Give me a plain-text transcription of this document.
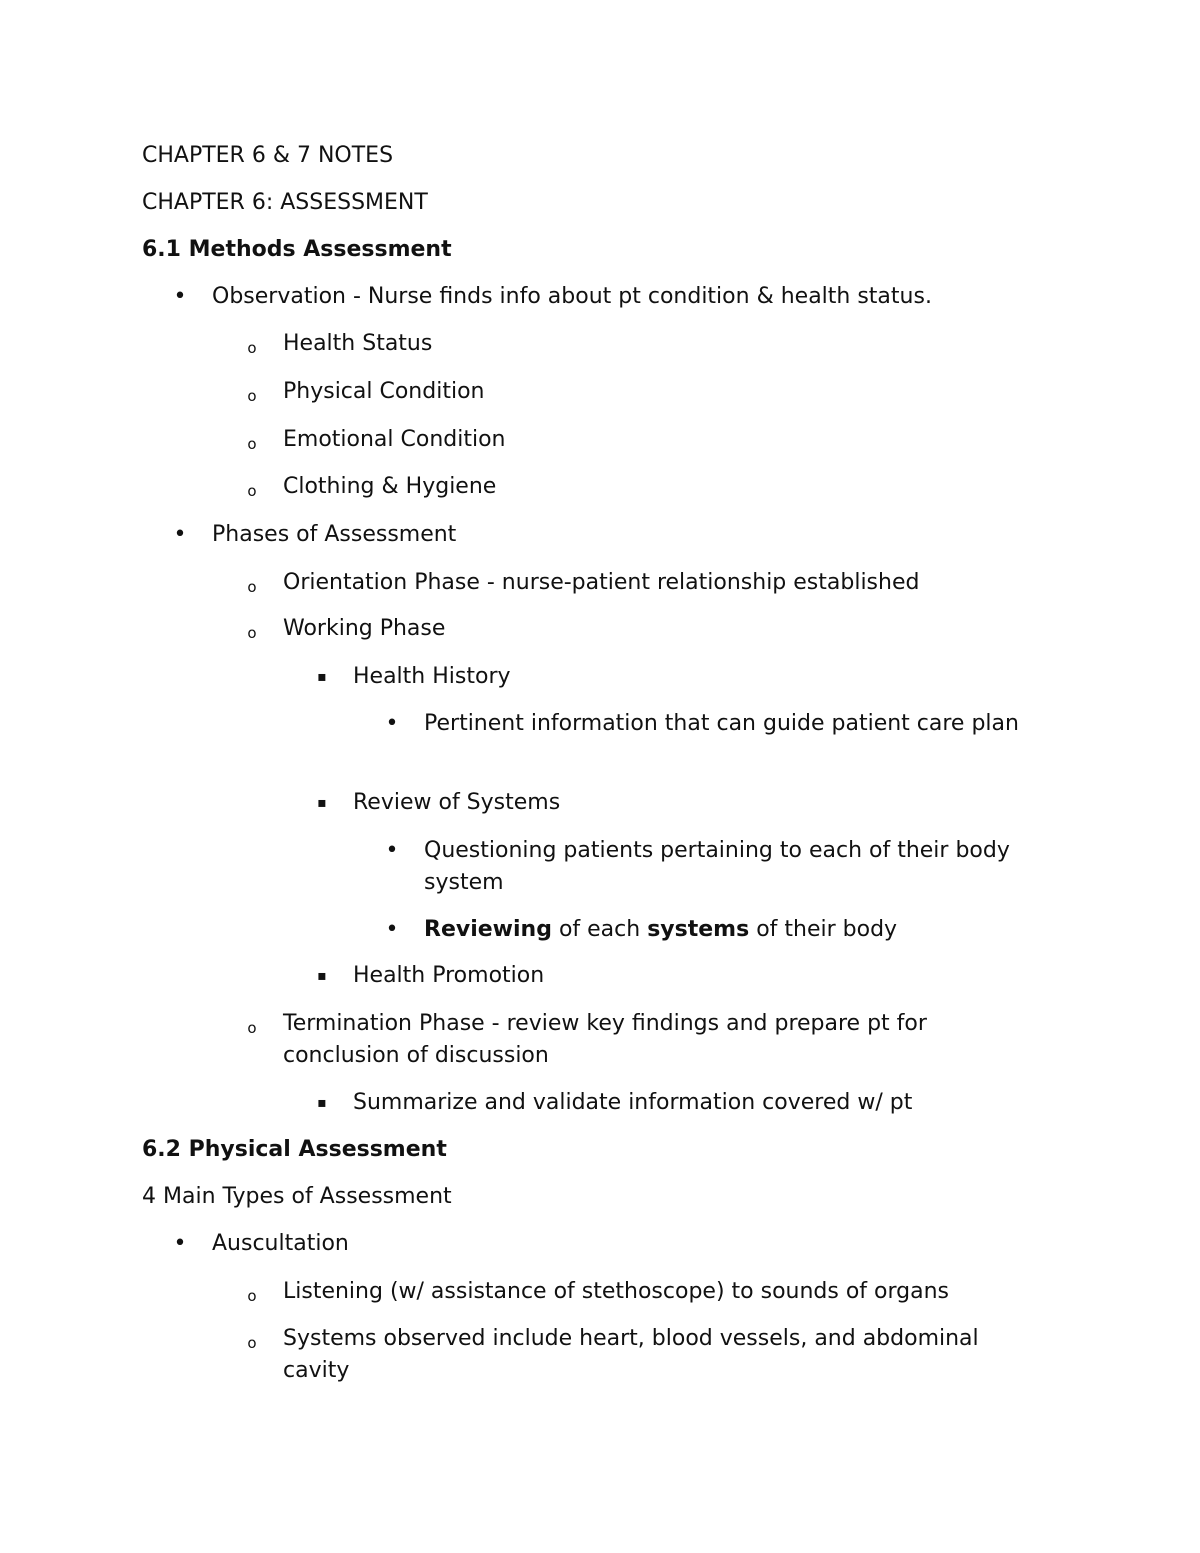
CHAPTER 6 & 7 NOTES
CHAPTER 6: ASSESSMENT
6.1 Methods Assessment
•
Observation - Nurse finds info about pt condition & health status.
o
Health Status
o
Physical Condition
o
Emotional Condition
o
Clothing & Hygiene
•
Phases of Assessment
o
Orientation Phase - nurse-patient relationship established
o
Working Phase
▪
Health History
•
Pertinent information that can guide patient care plan
▪
Review of Systems
•
Questioning patients pertaining to each of their body system
•
Reviewing of each systems of their body
▪
Health Promotion
o
Termination Phase - review key findings and prepare pt for conclusion of discussion
▪
Summarize and validate information covered w/ pt
6.2 Physical Assessment
4 Main Types of Assessment
•
Auscultation
o
Listening (w/ assistance of stethoscope) to sounds of organs
o
Systems observed include heart, blood vessels, and abdominal cavity
